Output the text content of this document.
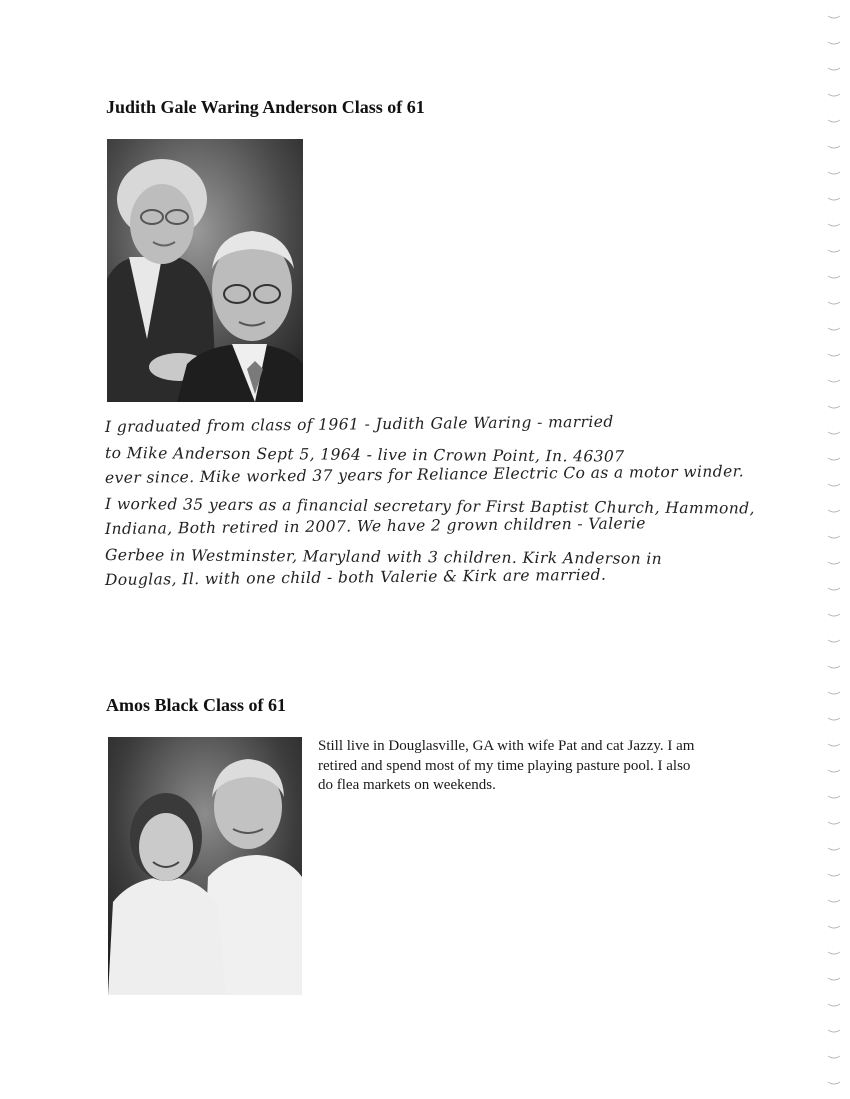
Judith Gale Waring Anderson Class of 61
I graduated from class of 1961 - Judith Gale Waring - married
to Mike Anderson Sept 5, 1964 - live in Crown Point, In. 46307
ever since. Mike worked 37 years for Reliance Electric Co as a motor winder.
I worked 35 years as a financial secretary for First Baptist Church, Hammond,
Indiana, Both retired in 2007. We have 2 grown children - Valerie
Gerbee in Westminster, Maryland with 3 children. Kirk Anderson in
Douglas, Il. with one child - both Valerie & Kirk are married.
Amos Black Class of 61
Still live in Douglasville, GA with wife Pat and cat Jazzy. I am
retired and spend most of my time playing pasture pool. I also
do flea markets on weekends.
